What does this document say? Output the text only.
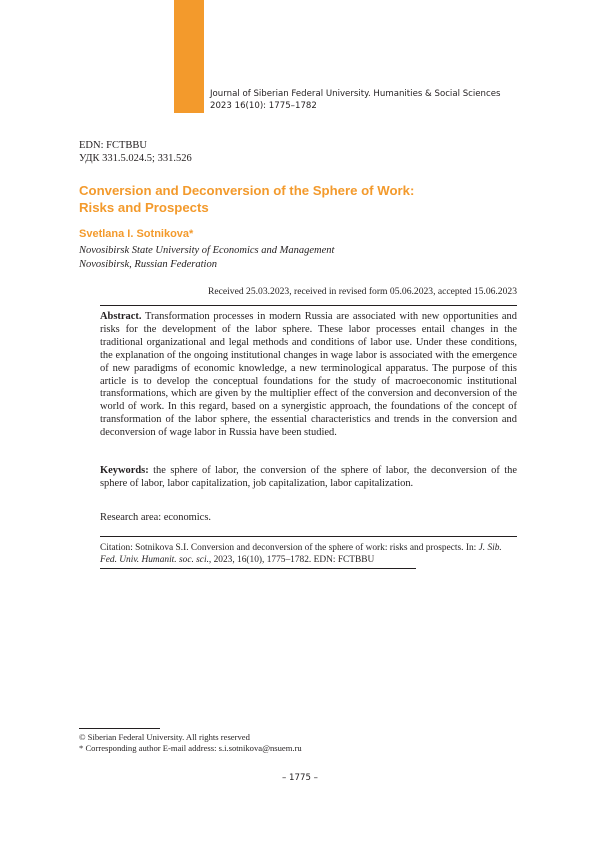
Journal of Siberian Federal University. Humanities & Social Sciences
2023 16(10): 1775–1782
EDN: FCTBBU
УДК 331.5.024.5; 331.526
Conversion and Deconversion of the Sphere of Work:
Risks and Prospects
Svetlana I. Sotnikova*
Novosibirsk State University of Economics and Management
Novosibirsk, Russian Federation
Received 25.03.2023, received in revised form 05.06.2023, accepted 15.06.2023

Abstract. Transformation processes in modern Russia are associated with new opportunities and risks for the development of the labor sphere. These labor processes entail changes in the traditional organizational and legal methods and conditions of labor use. Under these conditions, the explanation of the ongoing institutional changes in wage labor is associated with the emergence of new paradigms of economic knowledge, a new terminological apparatus. The purpose of this article is to develop the conceptual foundations for the study of macroeconomic institutional transformations, which are given by the multiplier effect of the conversion and deconversion of the world of work. In this regard, based on a synergistic approach, the foundations of the concept of transformation of the labor sphere, the essential characteristics and trends in the conversion and deconversion of wage labor in Russia have been studied.

Keywords: the sphere of labor, the conversion of the sphere of labor, the deconversion of the sphere of labor, labor capitalization, job capitalization, labor capitalization.

Research area: economics.

Citation: Sotnikova S.I. Conversion and deconversion of the sphere of work: risks and prospects. In: J. Sib. Fed. Univ. Humanit. soc. sci., 2023, 16(10), 1775–1782. EDN: FCTBBU

© Siberian Federal University. All rights reserved
* Corresponding author E-mail address: s.i.sotnikova@nsuem.ru
– 1775 –
